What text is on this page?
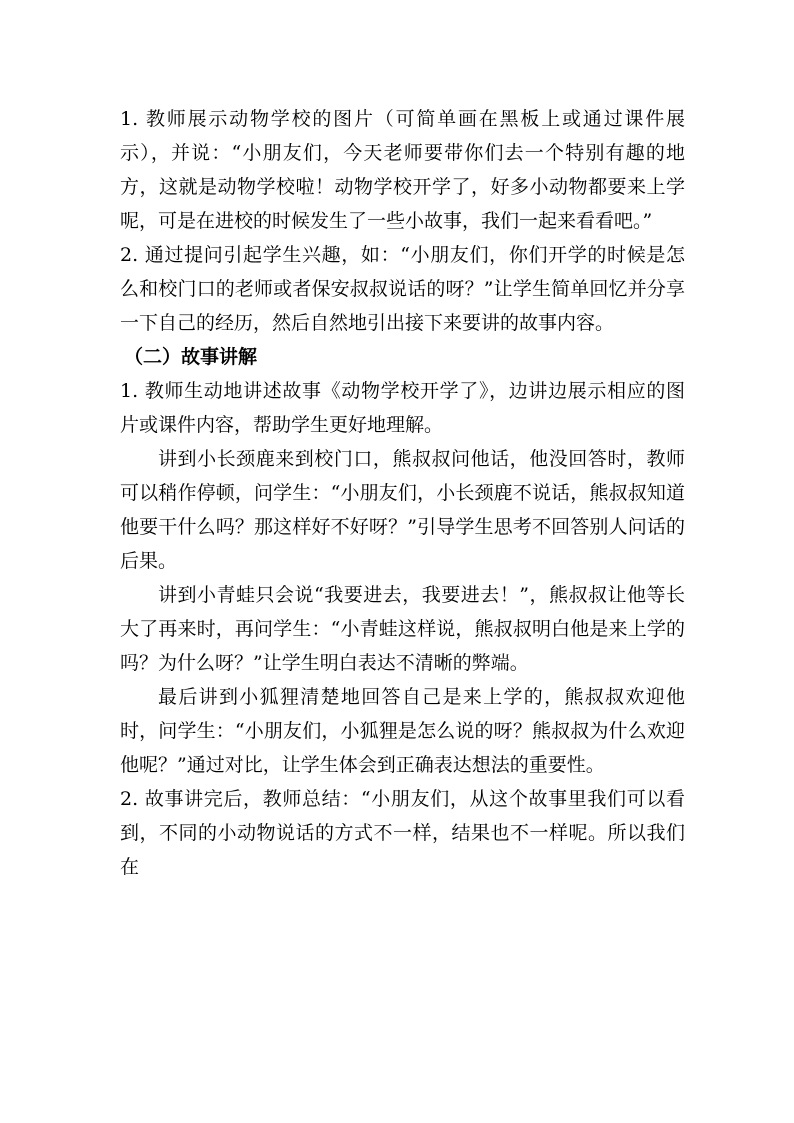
1. 教师展示动物学校的图片（可简单画在黑板上或通过课件展示），并说：“小朋友们，今天老师要带你们去一个特别有趣的地方，这就是动物学校啦！动物学校开学了，好多小动物都要来上学呢，可是在进校的时候发生了一些小故事，我们一起来看看吧。”

2. 通过提问引起学生兴趣，如：“小朋友们，你们开学的时候是怎么和校门口的老师或者保安叔叔说话的呀？”让学生简单回忆并分享一下自己的经历，然后自然地引出接下来要讲的故事内容。

（二）故事讲解

1. 教师生动地讲述故事《动物学校开学了》，边讲边展示相应的图片或课件内容，帮助学生更好地理解。

讲到小长颈鹿来到校门口，熊叔叔问他话，他没回答时，教师可以稍作停顿，问学生：“小朋友们，小长颈鹿不说话，熊叔叔知道他要干什么吗？那这样好不好呀？”引导学生思考不回答别人问话的后果。

讲到小青蛙只会说“我要进去，我要进去！”，熊叔叔让他等长大了再来时，再问学生：“小青蛙这样说，熊叔叔明白他是来上学的吗？为什么呀？”让学生明白表达不清晰的弊端。

最后讲到小狐狸清楚地回答自己是来上学的，熊叔叔欢迎他时，问学生：“小朋友们，小狐狸是怎么说的呀？熊叔叔为什么欢迎他呢？”通过对比，让学生体会到正确表达想法的重要性。

2. 故事讲完后，教师总结：“小朋友们，从这个故事里我们可以看到，不同的小动物说话的方式不一样，结果也不一样呢。所以我们在
